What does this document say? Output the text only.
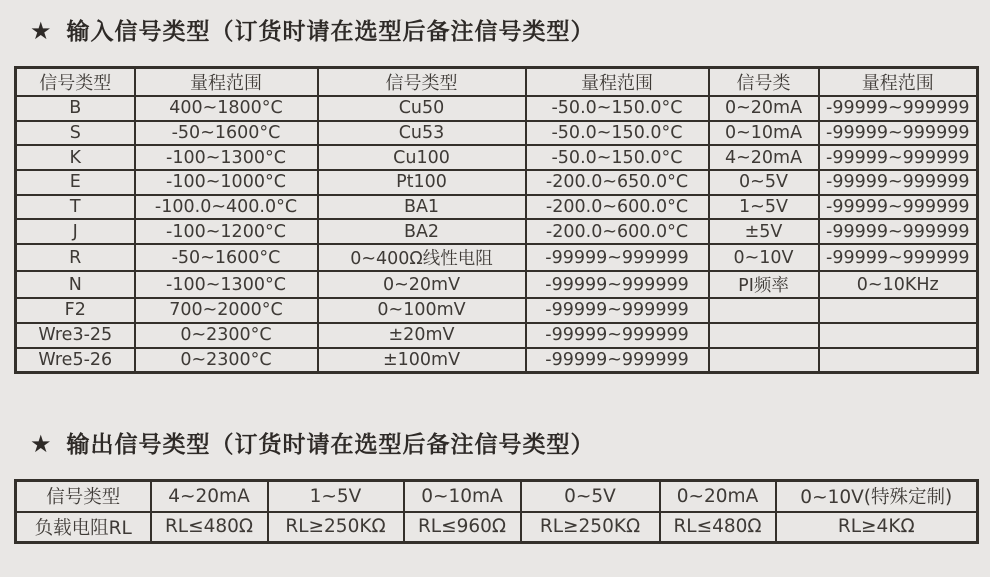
★ 输入信号类型（订货时请在选型后备注信号类型）
信号类型	量程范围	信号类型	量程范围	信号类	量程范围
B	400~1800°C	Cu50	-50.0~150.0°C	0~20mA	-99999~999999
S	-50~1600°C	Cu53	-50.0~150.0°C	0~10mA	-99999~999999
K	-100~1300°C	Cu100	-50.0~150.0°C	4~20mA	-99999~999999
E	-100~1000°C	Pt100	-200.0~650.0°C	0~5V	-99999~999999
T	-100.0~400.0°C	BA1	-200.0~600.0°C	1~5V	-99999~999999
J	-100~1200°C	BA2	-200.0~600.0°C	±5V	-99999~999999
R	-50~1600°C	0~400Ω线性电阻	-99999~999999	0~10V	-99999~999999
N	-100~1300°C	0~20mV	-99999~999999	PI频率	0~10KHz
F2	700~2000°C	0~100mV	-99999~999999		
Wre3-25	0~2300°C	±20mV	-99999~999999		
Wre5-26	0~2300°C	±100mV	-99999~999999		
★ 输出信号类型（订货时请在选型后备注信号类型）
信号类型	4~20mA	1~5V	0~10mA	0~5V	0~20mA	0~10V(特殊定制)
负载电阻RL	RL≤480Ω	RL≥250KΩ	RL≤960Ω	RL≥250KΩ	RL≤480Ω	RL≥4KΩ
